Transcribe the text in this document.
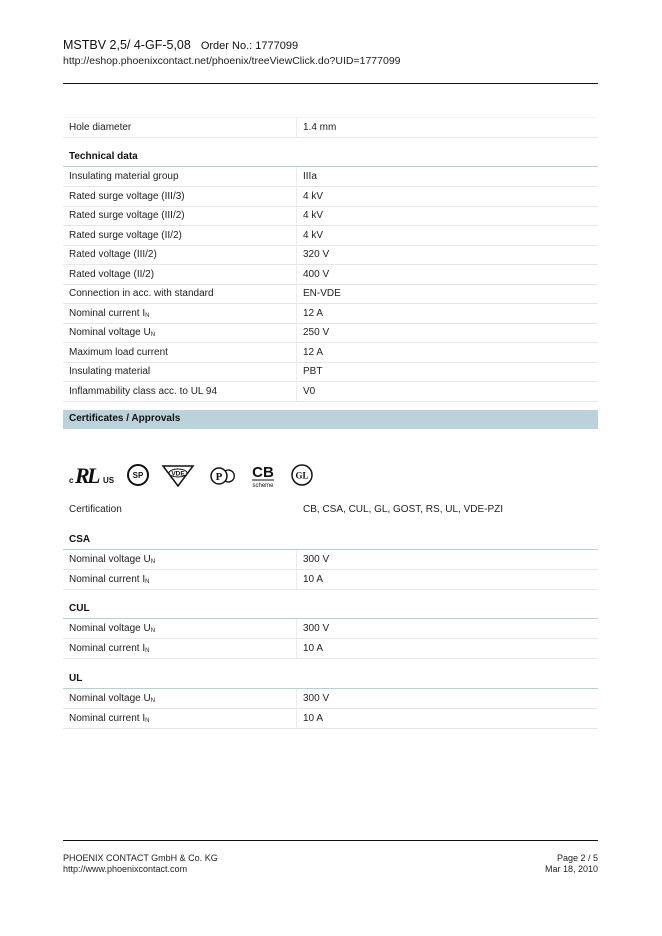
MSTBV 2,5/ 4-GF-5,08 Order No.: 1777099
http://eshop.phoenixcontact.net/phoenix/treeViewClick.do?UID=1777099
Hole diameter	1.4 mm
Technical data
Insulating material group	IIIa
Rated surge voltage (III/3)	4 kV
Rated surge voltage (III/2)	4 kV
Rated surge voltage (II/2)	4 kV
Rated voltage (III/2)	320 V
Rated voltage (II/2)	400 V
Connection in acc. with standard	EN-VDE
Nominal current $I_N$	12 A
Nominal voltage $U_N$	250 V
Maximum load current	12 A
Insulating material	PBT
Inflammability class acc. to UL 94	V0
Certificates / Approvals
c R
L US
SP	VDE	P CB
scheme
GL
Certification	CB, CSA, CUL, GL, GOST, RS, UL, VDE-PZI
CSA
Nominal voltage $U_N$	300 V
Nominal current $I_N$	10 A
CUL
Nominal voltage $U_N$	300 V
Nominal current $I_N$	10 A
UL
Nominal voltage $U_N$	300 V
Nominal current $I_N$	10 A
PHOENIX CONTACT GmbH & Co. KG
http://www.phoenixcontact.com
Page 2 / 5
Mar 18, 2010
